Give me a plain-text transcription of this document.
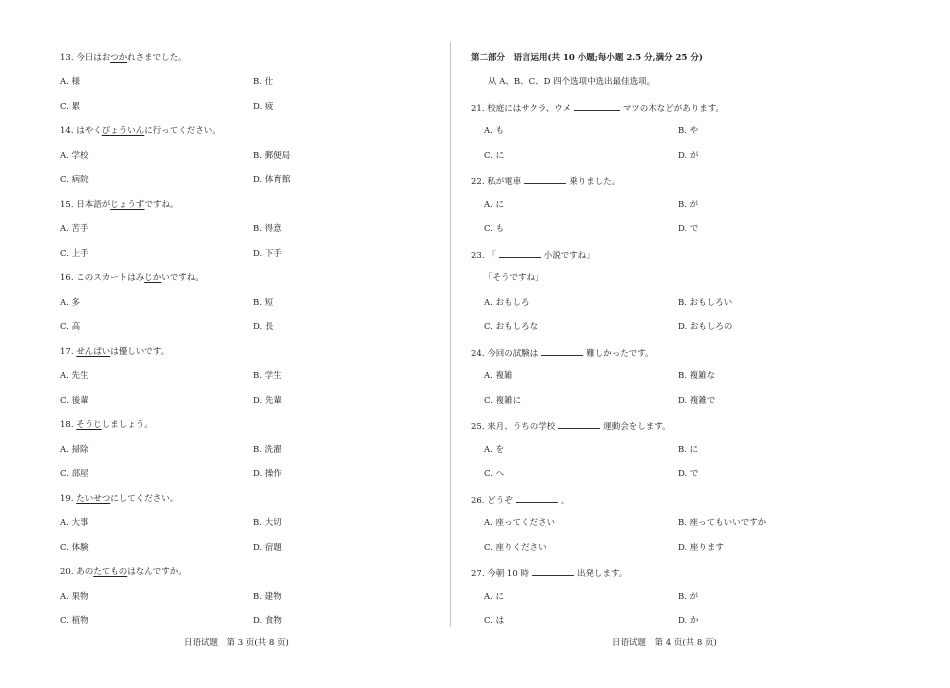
13. 今日はおつかれさまでした。
A. 様	B. 仕
C. 累	D. 疲
14. はやくびょういんに行ってください。
A. 学校	B. 郵便局
C. 病院	D. 体育館
15. 日本語がじょうずですね。
A. 苦手	B. 得意
C. 上手	D. 下手
16. このスカートはみじかいですね。
A. 多	B. 短
C. 高	D. 長
17. せんぱいは優しいです。
A. 先生	B. 学生
C. 後輩	D. 先輩
18. そうじしましょう。
A. 掃除	B. 洗濯
C. 部屋	D. 操作
19. たいせつにしてください。
A. 大事	B. 大切
C. 体験	D. 宿題
20. あのたてものはなんですか。
A. 果物	B. 建物
C. 植物	D. 食物
日语试题　第 3 页(共 8 页)
第二部分　语言运用(共 10 小题;每小题 2.5 分,满分 25 分)
从 A、B、C、D 四个选项中选出最佳选项。
21. 校庭にはサクラ、ウメ	マツの木などがあります。
A. も	B. や
C. に	D. が
22. 私が電車	乗りました。
A. に	B. が
C. も	D. で
23. 「	小説ですね」
「そうですね」
A. おもしろ	B. おもしろい
C. おもしろな	D. おもしろの
24. 今回の試験は	難しかったです。
A. 複雑	B. 複雑な
C. 複雑に	D. 複雑で
25. 来月、うちの学校	運動会をします。
A. を	B. に
C. へ	D. で
26. どうぞ	。
A. 座ってください	B. 座ってもいいですか
C. 座りください	D. 座ります
27. 今朝 10 時	出発します。
A. に	B. が
C. は	D. か
日语试题　第 4 页(共 8 页)
